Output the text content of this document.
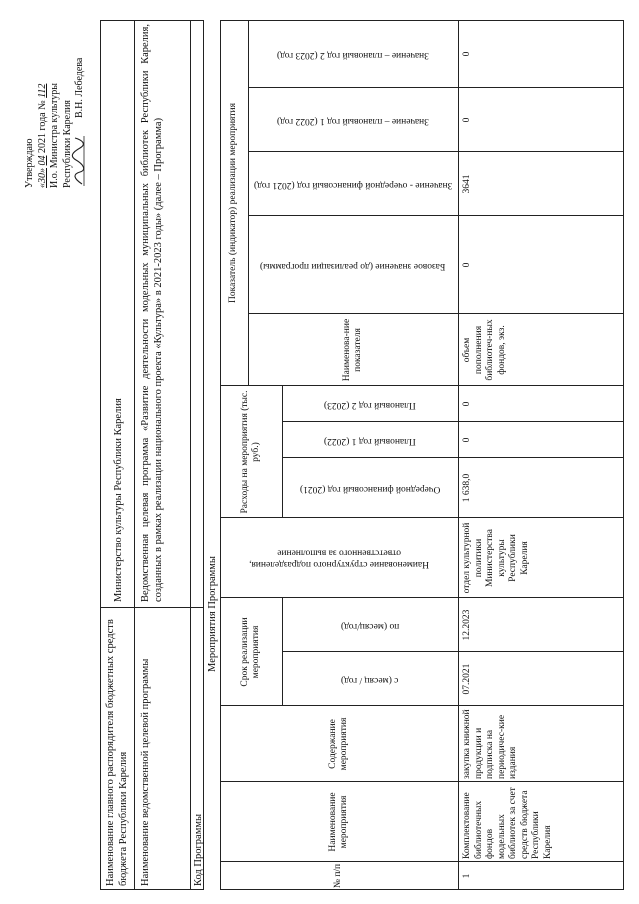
Утверждаю «30» 04 2021 года № 112 И.о. Министра культуры Республики Карелия
В.Н. Лебедева
Наименование главного распорядителя бюджетных средств бюджета Республики Карелия
Министерство культуры Республики Карелия
Наименование ведомственной целевой программы
Ведомственная целевая программа «Развитие деятельности модельных муниципальных библиотек Республики Карелия, созданных в рамках реализации национального проекта «Культура» в 2021-2023 годы» (далее – Программа)
Код Программы
Мероприятия Программы
№ п/п
Наименование мероприятия
Содержание мероприятия
Срок реализации мероприятия
с (месяц / год)
по (месяц/год)
Наименование структурного подразделения, ответственного за выполнение
Расходы на мероприятия (тыс. руб.)
Очередной финансовый год (2021)
Плановый год 1 (2022)
Плановый год 2 (2023)
Показатель (индикатор) реализации мероприятия
Наименова-ние показателя
Базовое значение (до реализации программы)
Значение - очередной финансовый год (2021 год)
Значение – плановый год 1 (2022 год)
Значение – плановый год 2 (2023 год)
1
Комплектование библиотечных фондов модельных библиотек за счет средств бюджета Республики Карелия
закупка книжной продукции и подписка на периодичес-кие издания
07.2021
12.2023
отдел культурной политики Министерства культуры Республики Карелия
1 638,0
0
0
объем пополнения библиотеч-ных фондов, экз.
0
3641
0
0
